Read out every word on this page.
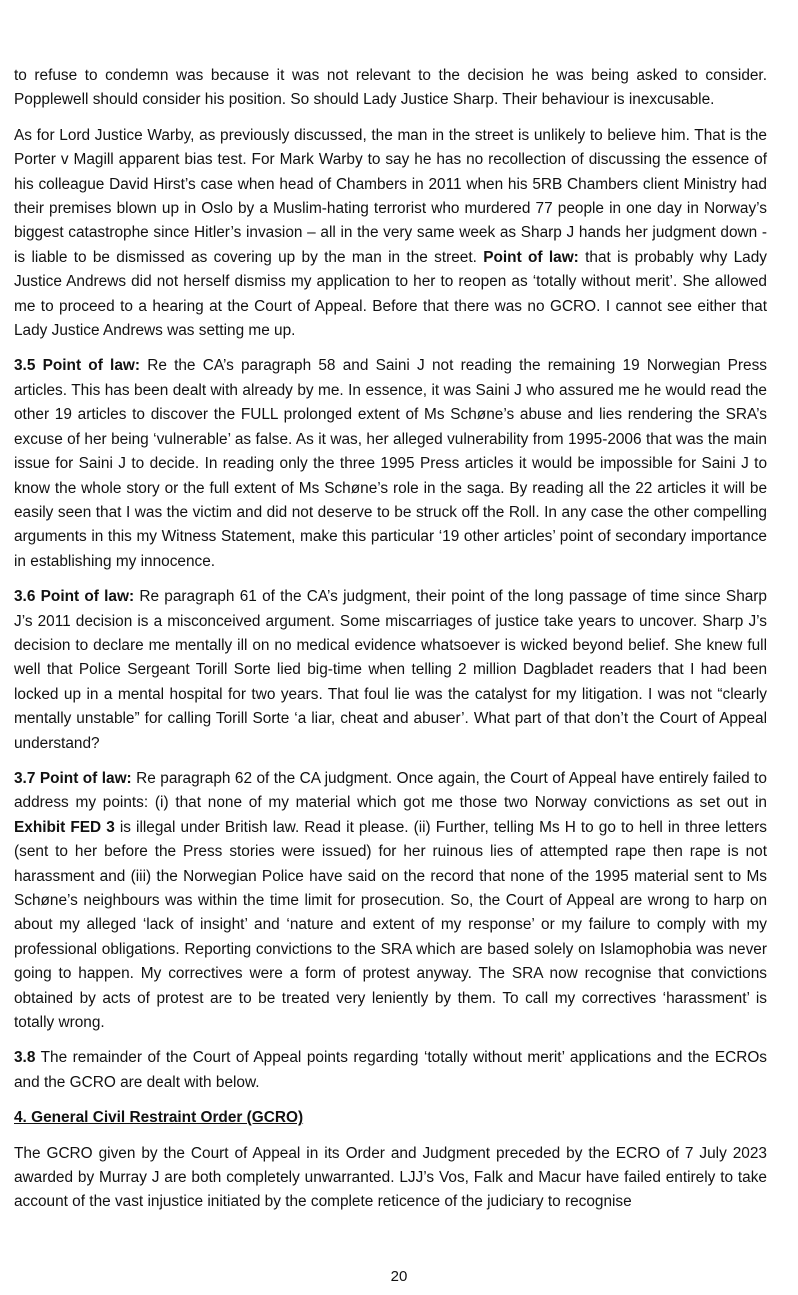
to refuse to condemn was because it was not relevant to the decision he was being asked to consider. Popplewell should consider his position. So should Lady Justice Sharp. Their behaviour is inexcusable.

As for Lord Justice Warby, as previously discussed, the man in the street is unlikely to believe him. That is the Porter v Magill apparent bias test. For Mark Warby to say he has no recollection of discussing the essence of his colleague David Hirst’s case when head of Chambers in 2011 when his 5RB Chambers client Ministry had their premises blown up in Oslo by a Muslim-hating terrorist who murdered 77 people in one day in Norway’s biggest catastrophe since Hitler’s invasion – all in the very same week as Sharp J hands her judgment down - is liable to be dismissed as covering up by the man in the street. Point of law: that is probably why Lady Justice Andrews did not herself dismiss my application to her to reopen as ‘totally without merit’. She allowed me to proceed to a hearing at the Court of Appeal. Before that there was no GCRO. I cannot see either that Lady Justice Andrews was setting me up.

3.5 Point of law: Re the CA’s paragraph 58 and Saini J not reading the remaining 19 Norwegian Press articles. This has been dealt with already by me. In essence, it was Saini J who assured me he would read the other 19 articles to discover the FULL prolonged extent of Ms Schøne’s abuse and lies rendering the SRA’s excuse of her being ‘vulnerable’ as false. As it was, her alleged vulnerability from 1995-2006 that was the main issue for Saini J to decide. In reading only the three 1995 Press articles it would be impossible for Saini J to know the whole story or the full extent of Ms Schøne’s role in the saga. By reading all the 22 articles it will be easily seen that I was the victim and did not deserve to be struck off the Roll. In any case the other compelling arguments in this my Witness Statement, make this particular ‘19 other articles’ point of secondary importance in establishing my innocence.

3.6 Point of law: Re paragraph 61 of the CA’s judgment, their point of the long passage of time since Sharp J’s 2011 decision is a misconceived argument. Some miscarriages of justice take years to uncover. Sharp J’s decision to declare me mentally ill on no medical evidence whatsoever is wicked beyond belief. She knew full well that Police Sergeant Torill Sorte lied big-time when telling 2 million Dagbladet readers that I had been locked up in a mental hospital for two years. That foul lie was the catalyst for my litigation. I was not “clearly mentally unstable” for calling Torill Sorte ‘a liar, cheat and abuser’. What part of that don’t the Court of Appeal understand?

3.7 Point of law: Re paragraph 62 of the CA judgment. Once again, the Court of Appeal have entirely failed to address my points: (i) that none of my material which got me those two Norway convictions as set out in Exhibit FED 3 is illegal under British law. Read it please. (ii) Further, telling Ms H to go to hell in three letters (sent to her before the Press stories were issued) for her ruinous lies of attempted rape then rape is not harassment and (iii) the Norwegian Police have said on the record that none of the 1995 material sent to Ms Schøne’s neighbours was within the time limit for prosecution. So, the Court of Appeal are wrong to harp on about my alleged ‘lack of insight’ and ‘nature and extent of my response’ or my failure to comply with my professional obligations. Reporting convictions to the SRA which are based solely on Islamophobia was never going to happen. My correctives were a form of protest anyway. The SRA now recognise that convictions obtained by acts of protest are to be treated very leniently by them. To call my correctives ‘harassment’ is totally wrong.

3.8 The remainder of the Court of Appeal points regarding ‘totally without merit’ applications and the ECROs and the GCRO are dealt with below.

4. General Civil Restraint Order (GCRO)

The GCRO given by the Court of Appeal in its Order and Judgment preceded by the ECRO of 7 July 2023 awarded by Murray J are both completely unwarranted. LJJ’s Vos, Falk and Macur have failed entirely to take account of the vast injustice initiated by the complete reticence of the judiciary to recognise

20
